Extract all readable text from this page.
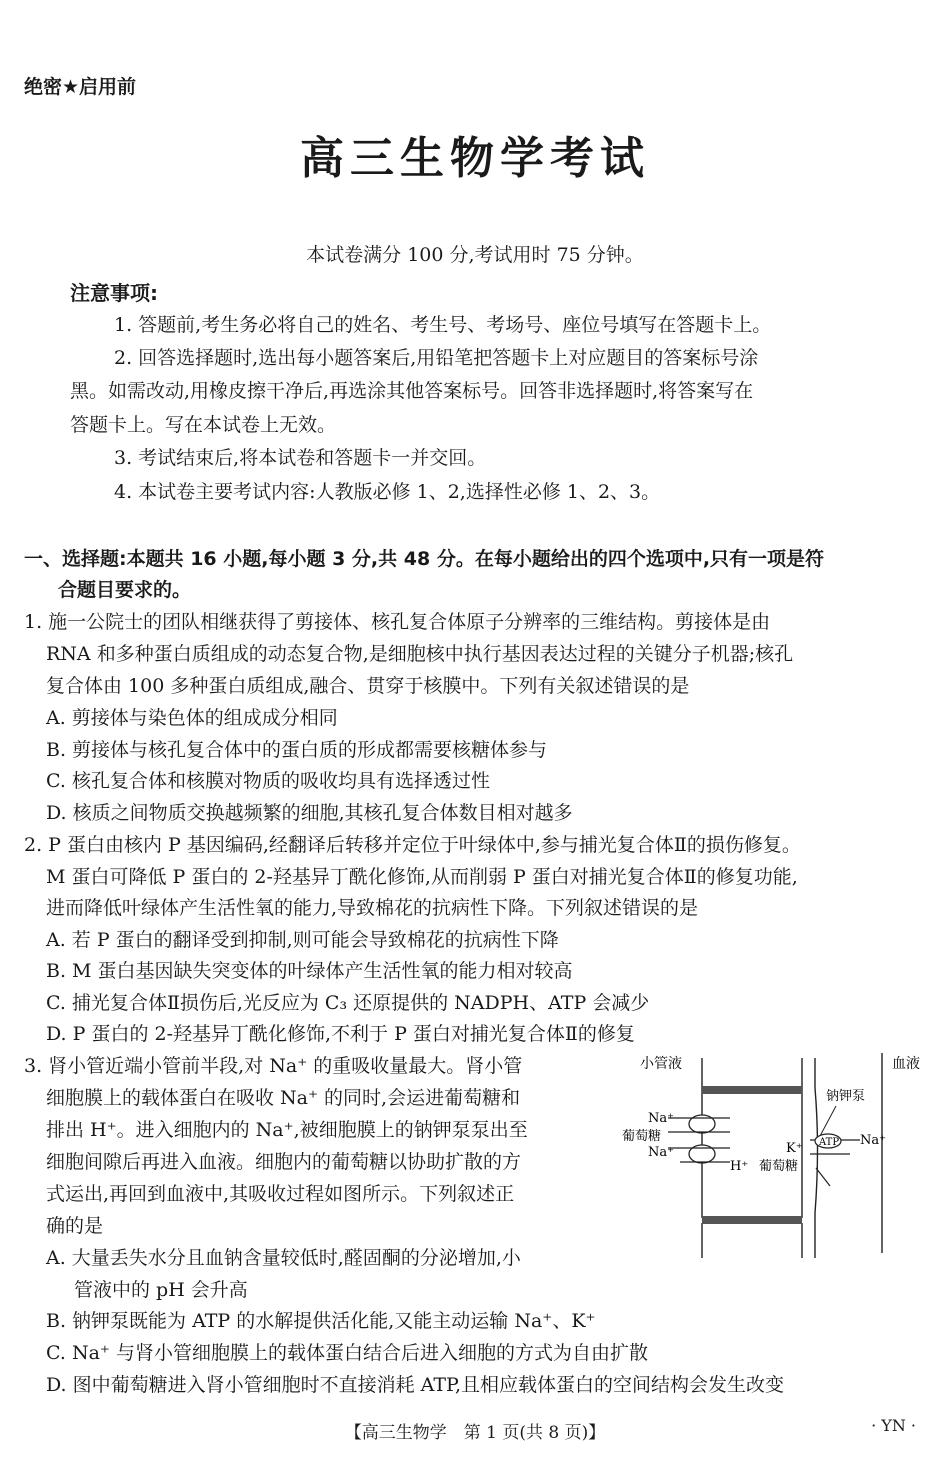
绝密★启用前
高三生物学考试
本试卷满分 100 分,考试用时 75 分钟。
注意事项:
1. 答题前,考生务必将自己的姓名、考生号、考场号、座位号填写在答题卡上。
2. 回答选择题时,选出每小题答案后,用铅笔把答题卡上对应题目的答案标号涂
黑。如需改动,用橡皮擦干净后,再选涂其他答案标号。回答非选择题时,将答案写在
答题卡上。写在本试卷上无效。
3. 考试结束后,将本试卷和答题卡一并交回。
4. 本试卷主要考试内容:人教版必修 1、2,选择性必修 1、2、3。
一、选择题:本题共 16 小题,每小题 3 分,共 48 分。在每小题给出的四个选项中,只有一项是符
合题目要求的。
1. 施一公院士的团队相继获得了剪接体、核孔复合体原子分辨率的三维结构。剪接体是由
RNA 和多种蛋白质组成的动态复合物,是细胞核中执行基因表达过程的关键分子机器;核孔
复合体由 100 多种蛋白质组成,融合、贯穿于核膜中。下列有关叙述错误的是
A. 剪接体与染色体的组成成分相同
B. 剪接体与核孔复合体中的蛋白质的形成都需要核糖体参与
C. 核孔复合体和核膜对物质的吸收均具有选择透过性
D. 核质之间物质交换越频繁的细胞,其核孔复合体数目相对越多
2. P 蛋白由核内 P 基因编码,经翻译后转移并定位于叶绿体中,参与捕光复合体Ⅱ的损伤修复。
M 蛋白可降低 P 蛋白的 2-羟基异丁酰化修饰,从而削弱 P 蛋白对捕光复合体Ⅱ的修复功能,
进而降低叶绿体产生活性氧的能力,导致棉花的抗病性下降。下列叙述错误的是
A. 若 P 蛋白的翻译受到抑制,则可能会导致棉花的抗病性下降
B. M 蛋白基因缺失突变体的叶绿体产生活性氧的能力相对较高
C. 捕光复合体Ⅱ损伤后,光反应为 C₃ 还原提供的 NADPH、ATP 会减少
D. P 蛋白的 2-羟基异丁酰化修饰,不利于 P 蛋白对捕光复合体Ⅱ的修复
3. 肾小管近端小管前半段,对 Na⁺ 的重吸收量最大。肾小管
细胞膜上的载体蛋白在吸收 Na⁺ 的同时,会运进葡萄糖和
排出 H⁺。进入细胞内的 Na⁺,被细胞膜上的钠钾泵泵出至
细胞间隙后再进入血液。细胞内的葡萄糖以协助扩散的方
式运出,再回到血液中,其吸收过程如图所示。下列叙述正
确的是
A. 大量丢失水分且血钠含量较低时,醛固酮的分泌增加,小
管液中的 pH 会升高
B. 钠钾泵既能为 ATP 的水解提供活化能,又能主动运输 Na⁺、K⁺
C. Na⁺ 与肾小管细胞膜上的载体蛋白结合后进入细胞的方式为自由扩散
D. 图中葡萄糖进入肾小管细胞时不直接消耗 ATP,且相应载体蛋白的空间结构会发生改变
小管液	血液
Na⁺
葡萄糖
Na⁺
H⁺
钠钾泵
ATP Na⁺
K⁺
葡萄糖
【高三生物学　第 1 页(共 8 页)】	· YN ·
